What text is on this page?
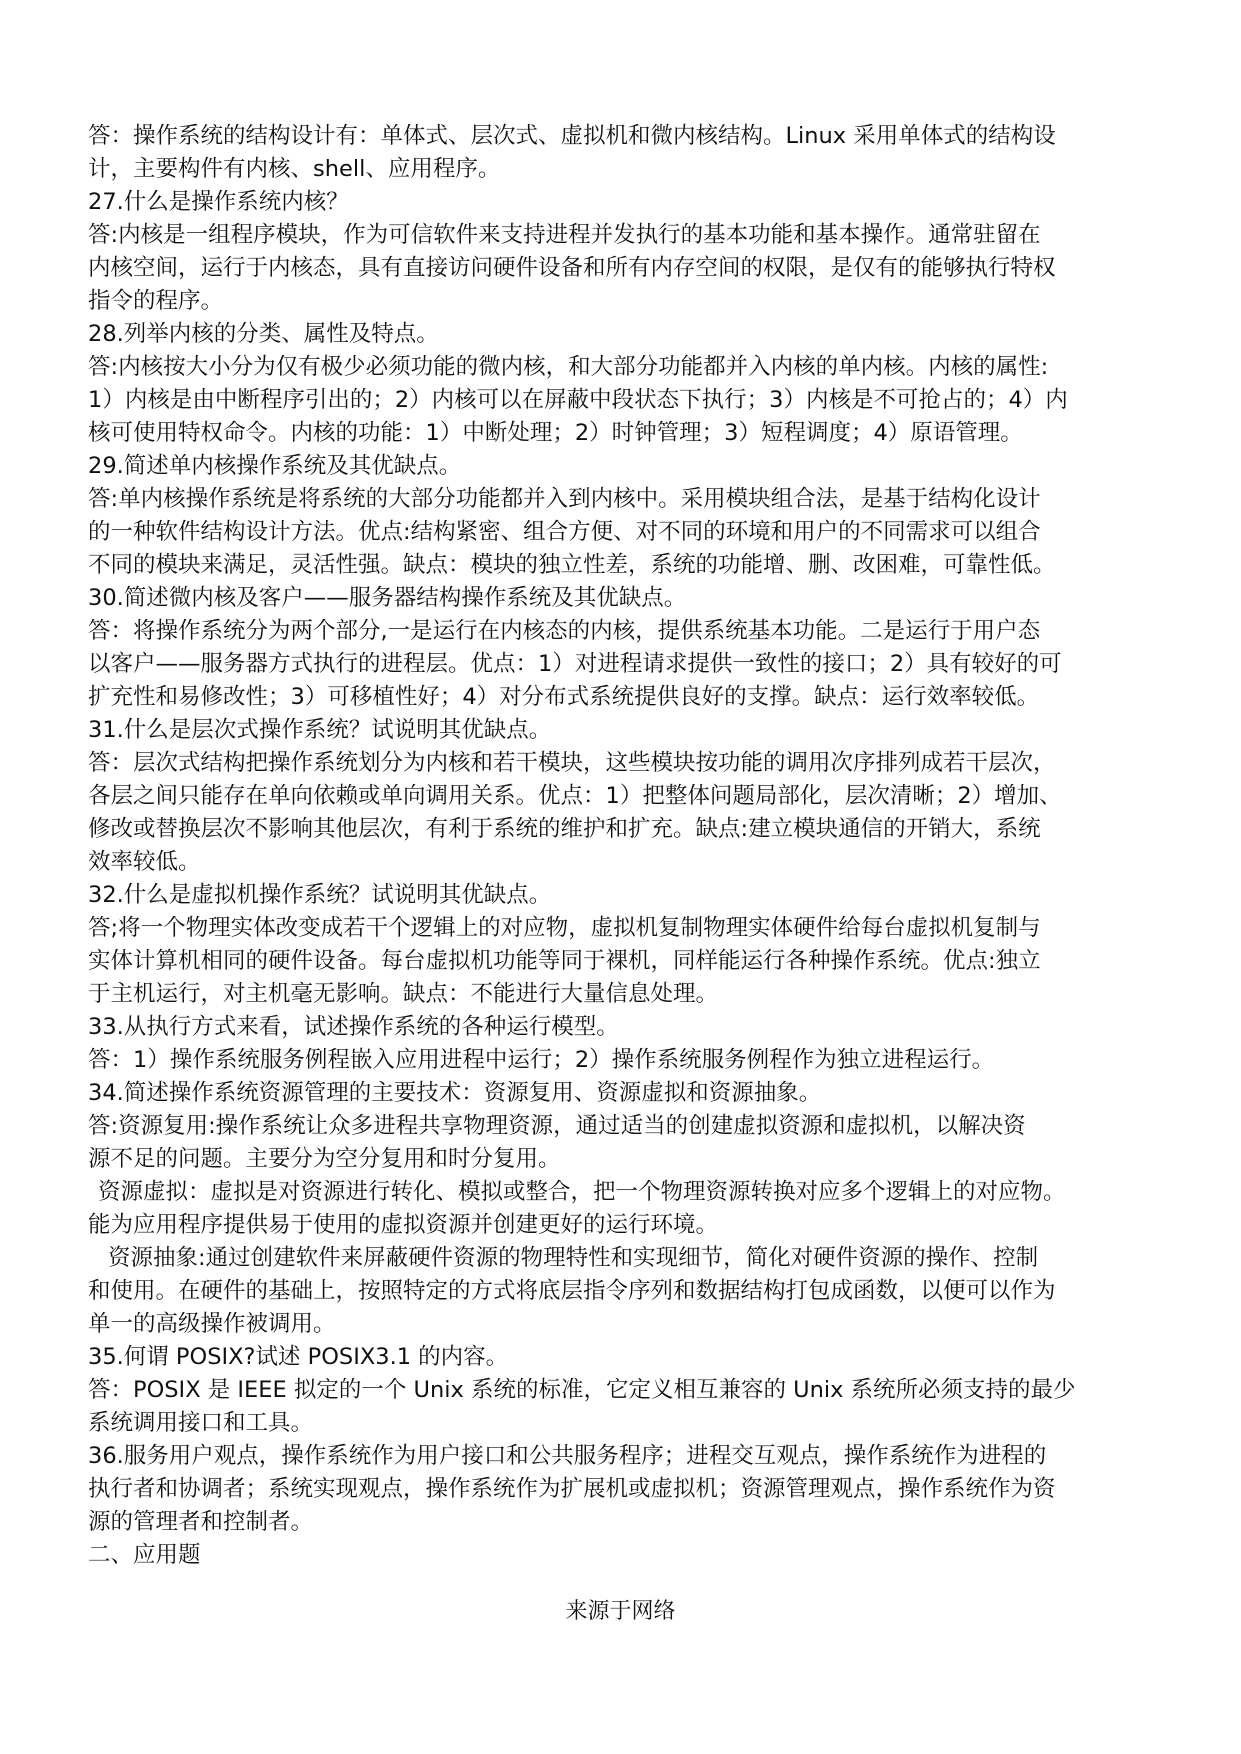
答：操作系统的结构设计有：单体式、层次式、虚拟机和微内核结构。Linux 采用单体式的结构设
计，主要构件有内核、shell、应用程序。
27.什么是操作系统内核？
答:内核是一组程序模块，作为可信软件来支持进程并发执行的基本功能和基本操作。通常驻留在
内核空间，运行于内核态，具有直接访问硬件设备和所有内存空间的权限，是仅有的能够执行特权
指令的程序。
28.列举内核的分类、属性及特点。
答:内核按大小分为仅有极少必须功能的微内核，和大部分功能都并入内核的单内核。内核的属性:
1）内核是由中断程序引出的；2）内核可以在屏蔽中段状态下执行；3）内核是不可抢占的；4）内
核可使用特权命令。内核的功能：1）中断处理；2）时钟管理；3）短程调度；4）原语管理。
29.简述单内核操作系统及其优缺点。
答:单内核操作系统是将系统的大部分功能都并入到内核中。采用模块组合法，是基于结构化设计
的一种软件结构设计方法。优点:结构紧密、组合方便、对不同的环境和用户的不同需求可以组合
不同的模块来满足，灵活性强。缺点：模块的独立性差，系统的功能增、删、改困难，可靠性低。
30.简述微内核及客户——服务器结构操作系统及其优缺点。
答：将操作系统分为两个部分,一是运行在内核态的内核，提供系统基本功能。二是运行于用户态
以客户——服务器方式执行的进程层。优点：1）对进程请求提供一致性的接口；2）具有较好的可
扩充性和易修改性；3）可移植性好；4）对分布式系统提供良好的支撑。缺点：运行效率较低。
31.什么是层次式操作系统？试说明其优缺点。
答：层次式结构把操作系统划分为内核和若干模块，这些模块按功能的调用次序排列成若干层次，
各层之间只能存在单向依赖或单向调用关系。优点：1）把整体问题局部化，层次清晰；2）增加、
修改或替换层次不影响其他层次，有利于系统的维护和扩充。缺点:建立模块通信的开销大，系统
效率较低。
32.什么是虚拟机操作系统？试说明其优缺点。
答;将一个物理实体改变成若干个逻辑上的对应物，虚拟机复制物理实体硬件给每台虚拟机复制与
实体计算机相同的硬件设备。每台虚拟机功能等同于裸机，同样能运行各种操作系统。优点:独立
于主机运行，对主机毫无影响。缺点：不能进行大量信息处理。
33.从执行方式来看，试述操作系统的各种运行模型。
答：1）操作系统服务例程嵌入应用进程中运行；2）操作系统服务例程作为独立进程运行。
34.简述操作系统资源管理的主要技术：资源复用、资源虚拟和资源抽象。
答:资源复用:操作系统让众多进程共享物理资源，通过适当的创建虚拟资源和虚拟机，以解决资
源不足的问题。主要分为空分复用和时分复用。
资源虚拟：虚拟是对资源进行转化、模拟或整合，把一个物理资源转换对应多个逻辑上的对应物。
能为应用程序提供易于使用的虚拟资源并创建更好的运行环境。
资源抽象:通过创建软件来屏蔽硬件资源的物理特性和实现细节，简化对硬件资源的操作、控制
和使用。在硬件的基础上，按照特定的方式将底层指令序列和数据结构打包成函数，以便可以作为
单一的高级操作被调用。
35.何谓 POSIX?试述 POSIX3.1 的内容。
答：POSIX 是 IEEE 拟定的一个 Unix 系统的标准，它定义相互兼容的 Unix 系统所必须支持的最少
系统调用接口和工具。
36.服务用户观点，操作系统作为用户接口和公共服务程序；进程交互观点，操作系统作为进程的
执行者和协调者；系统实现观点，操作系统作为扩展机或虚拟机；资源管理观点，操作系统作为资
源的管理者和控制者。
二、应用题
来源于网络
